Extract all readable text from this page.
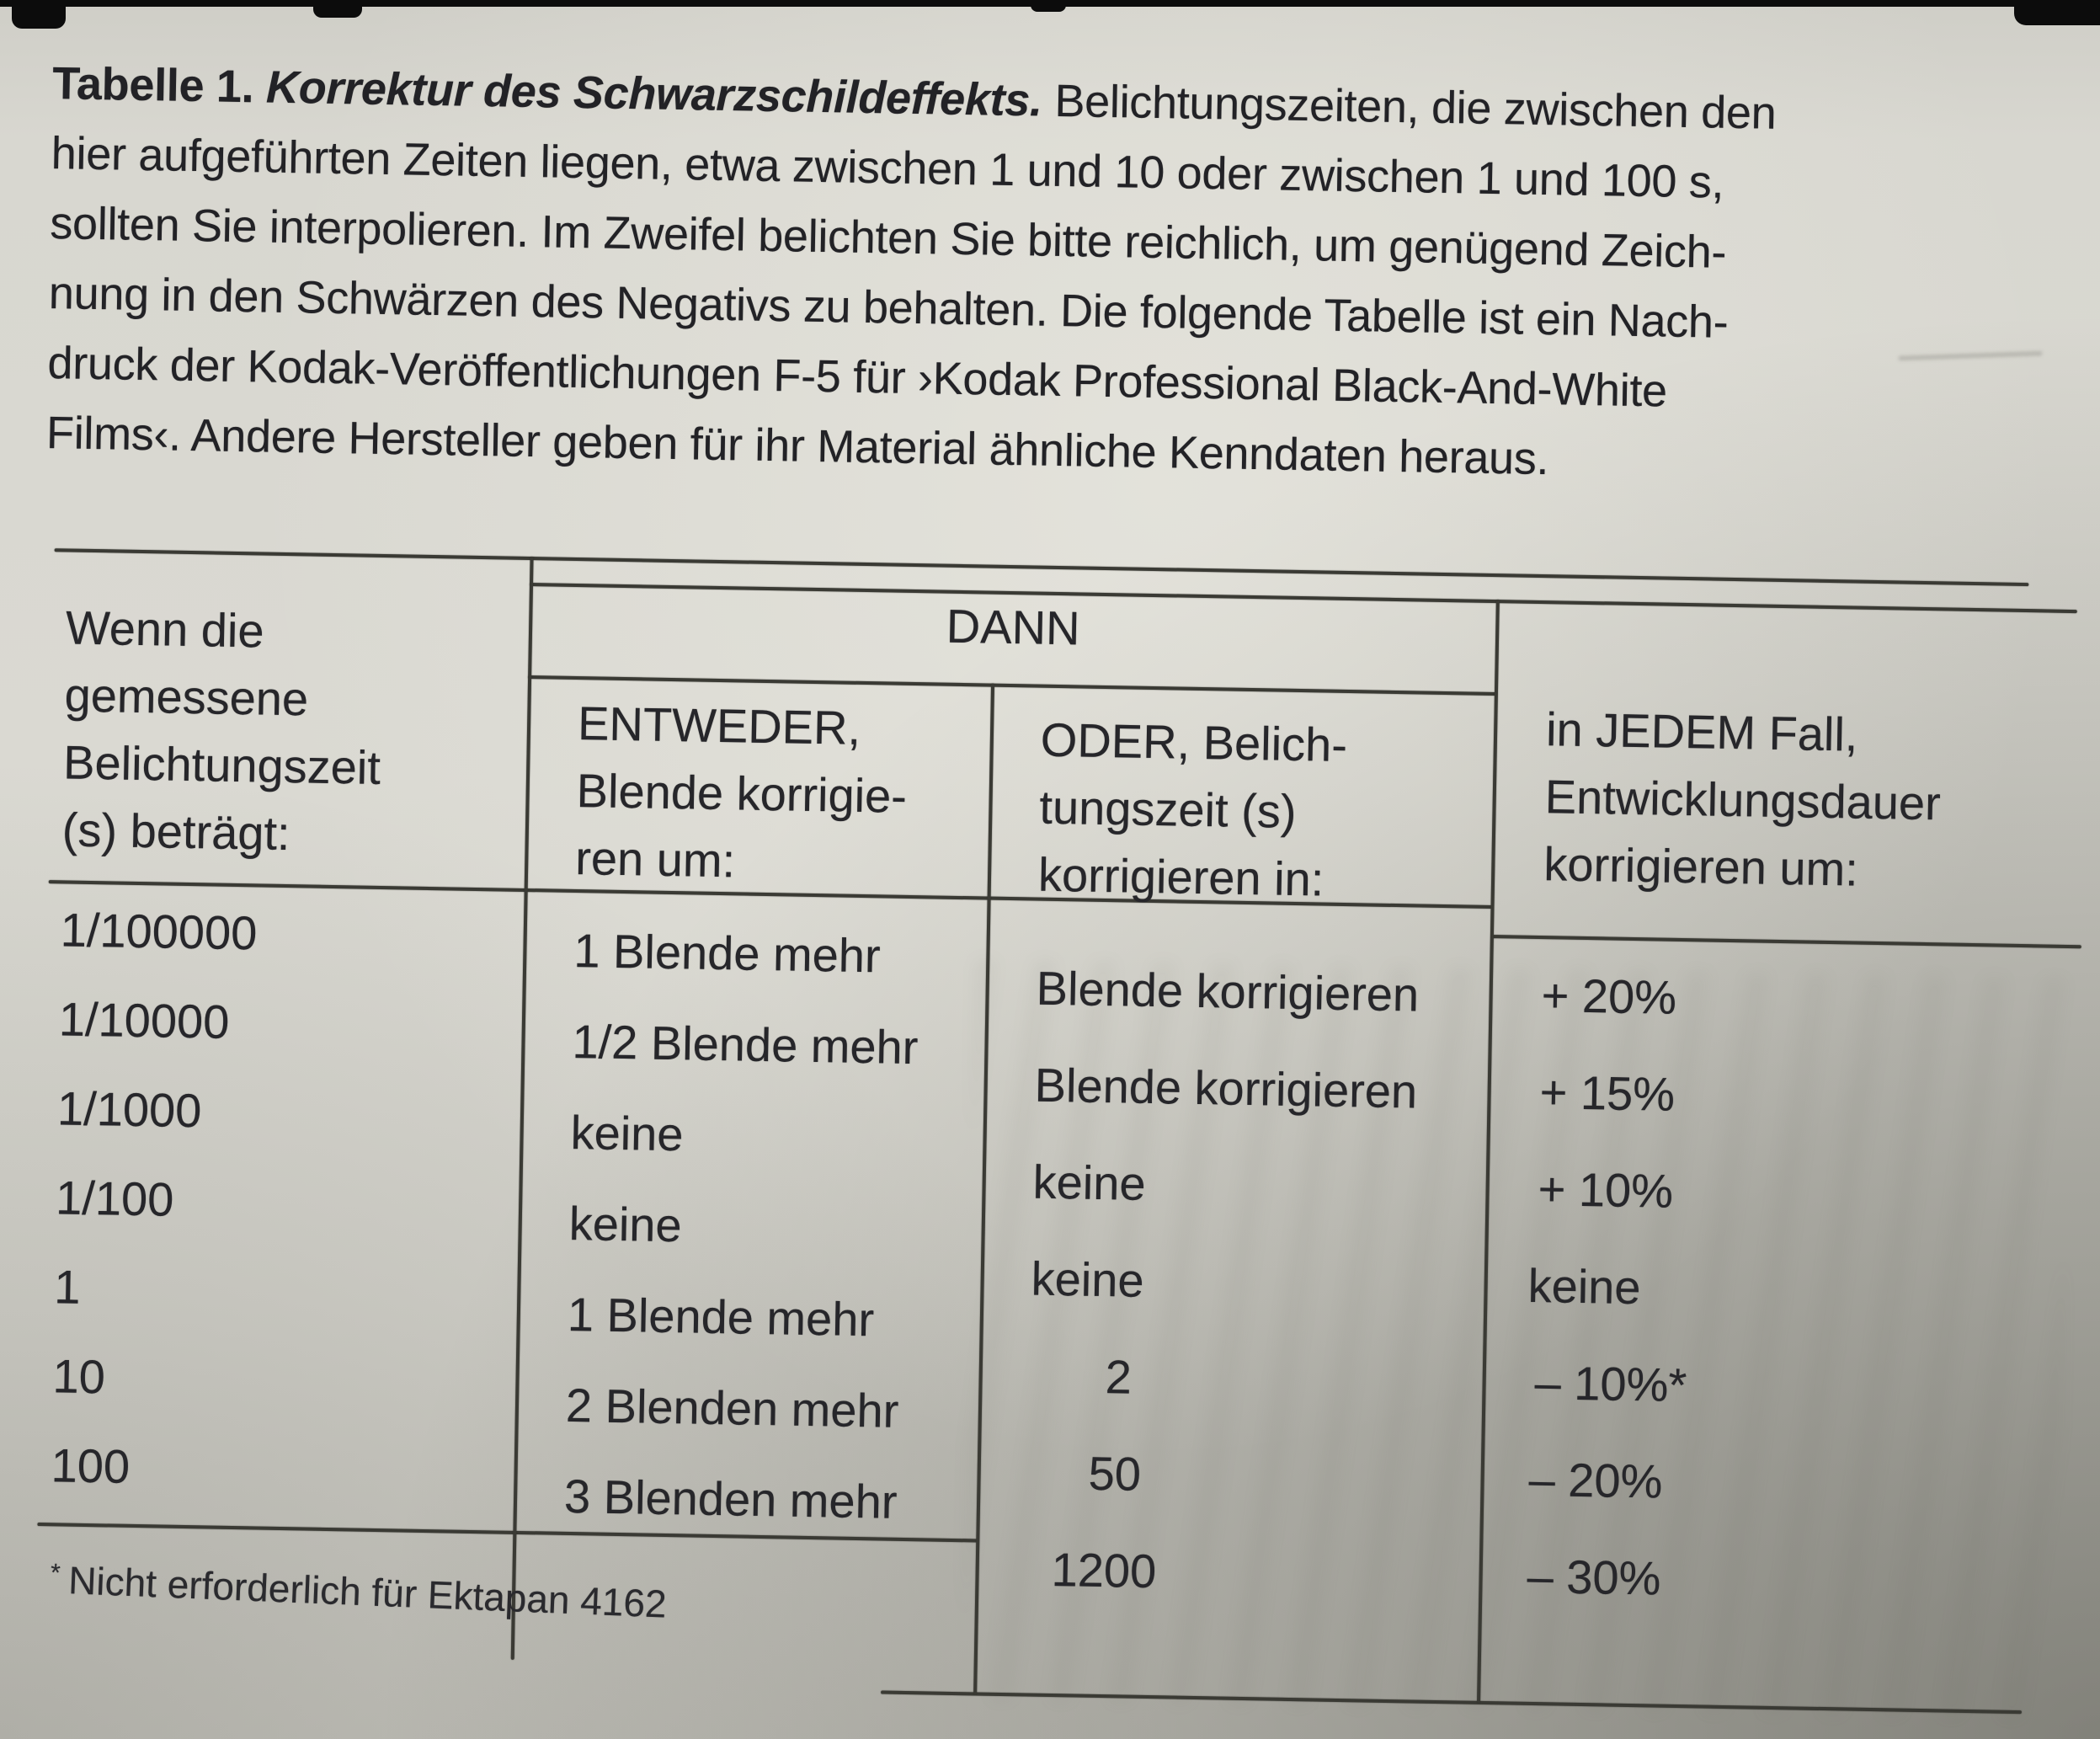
Tabelle 1. Korrektur des Schwarzschildeffekts. Belichtungszeiten, die zwischen den
hier aufgeführten Zeiten liegen, etwa zwischen 1 und 10 oder zwischen 1 und 100 s,
sollten Sie interpolieren. Im Zweifel belichten Sie bitte reichlich, um genügend Zeich-
nung in den Schwärzen des Negativs zu behalten. Die folgende Tabelle ist ein Nach-
druck der Kodak-Veröffentlichungen F-5 für ›Kodak Professional Black-And-White
Films‹. Andere Hersteller geben für ihr Material ähnliche Kenndaten heraus.
DANN
Wenn die
gemessene
Belichtungszeit
(s) beträgt:
ENTWEDER,
Blende korrigie-
ren um:
ODER, Belich-
tungszeit (s)
korrigieren in:
in JEDEM Fall,
Entwicklungsdauer
korrigieren um:
1/100000
1/10000
1/1000
1/100
1
10
100
1 Blende mehr
1/2 Blende mehr
keine
keine
1 Blende mehr
2 Blenden mehr
3 Blenden mehr
Blende korrigieren
Blende korrigieren
keine
keine
2
50
1200
+ 20%
+ 15%
+ 10%
keine
– 10%*
– 20%
– 30%
* Nicht erforderlich für Ektapan 4162
